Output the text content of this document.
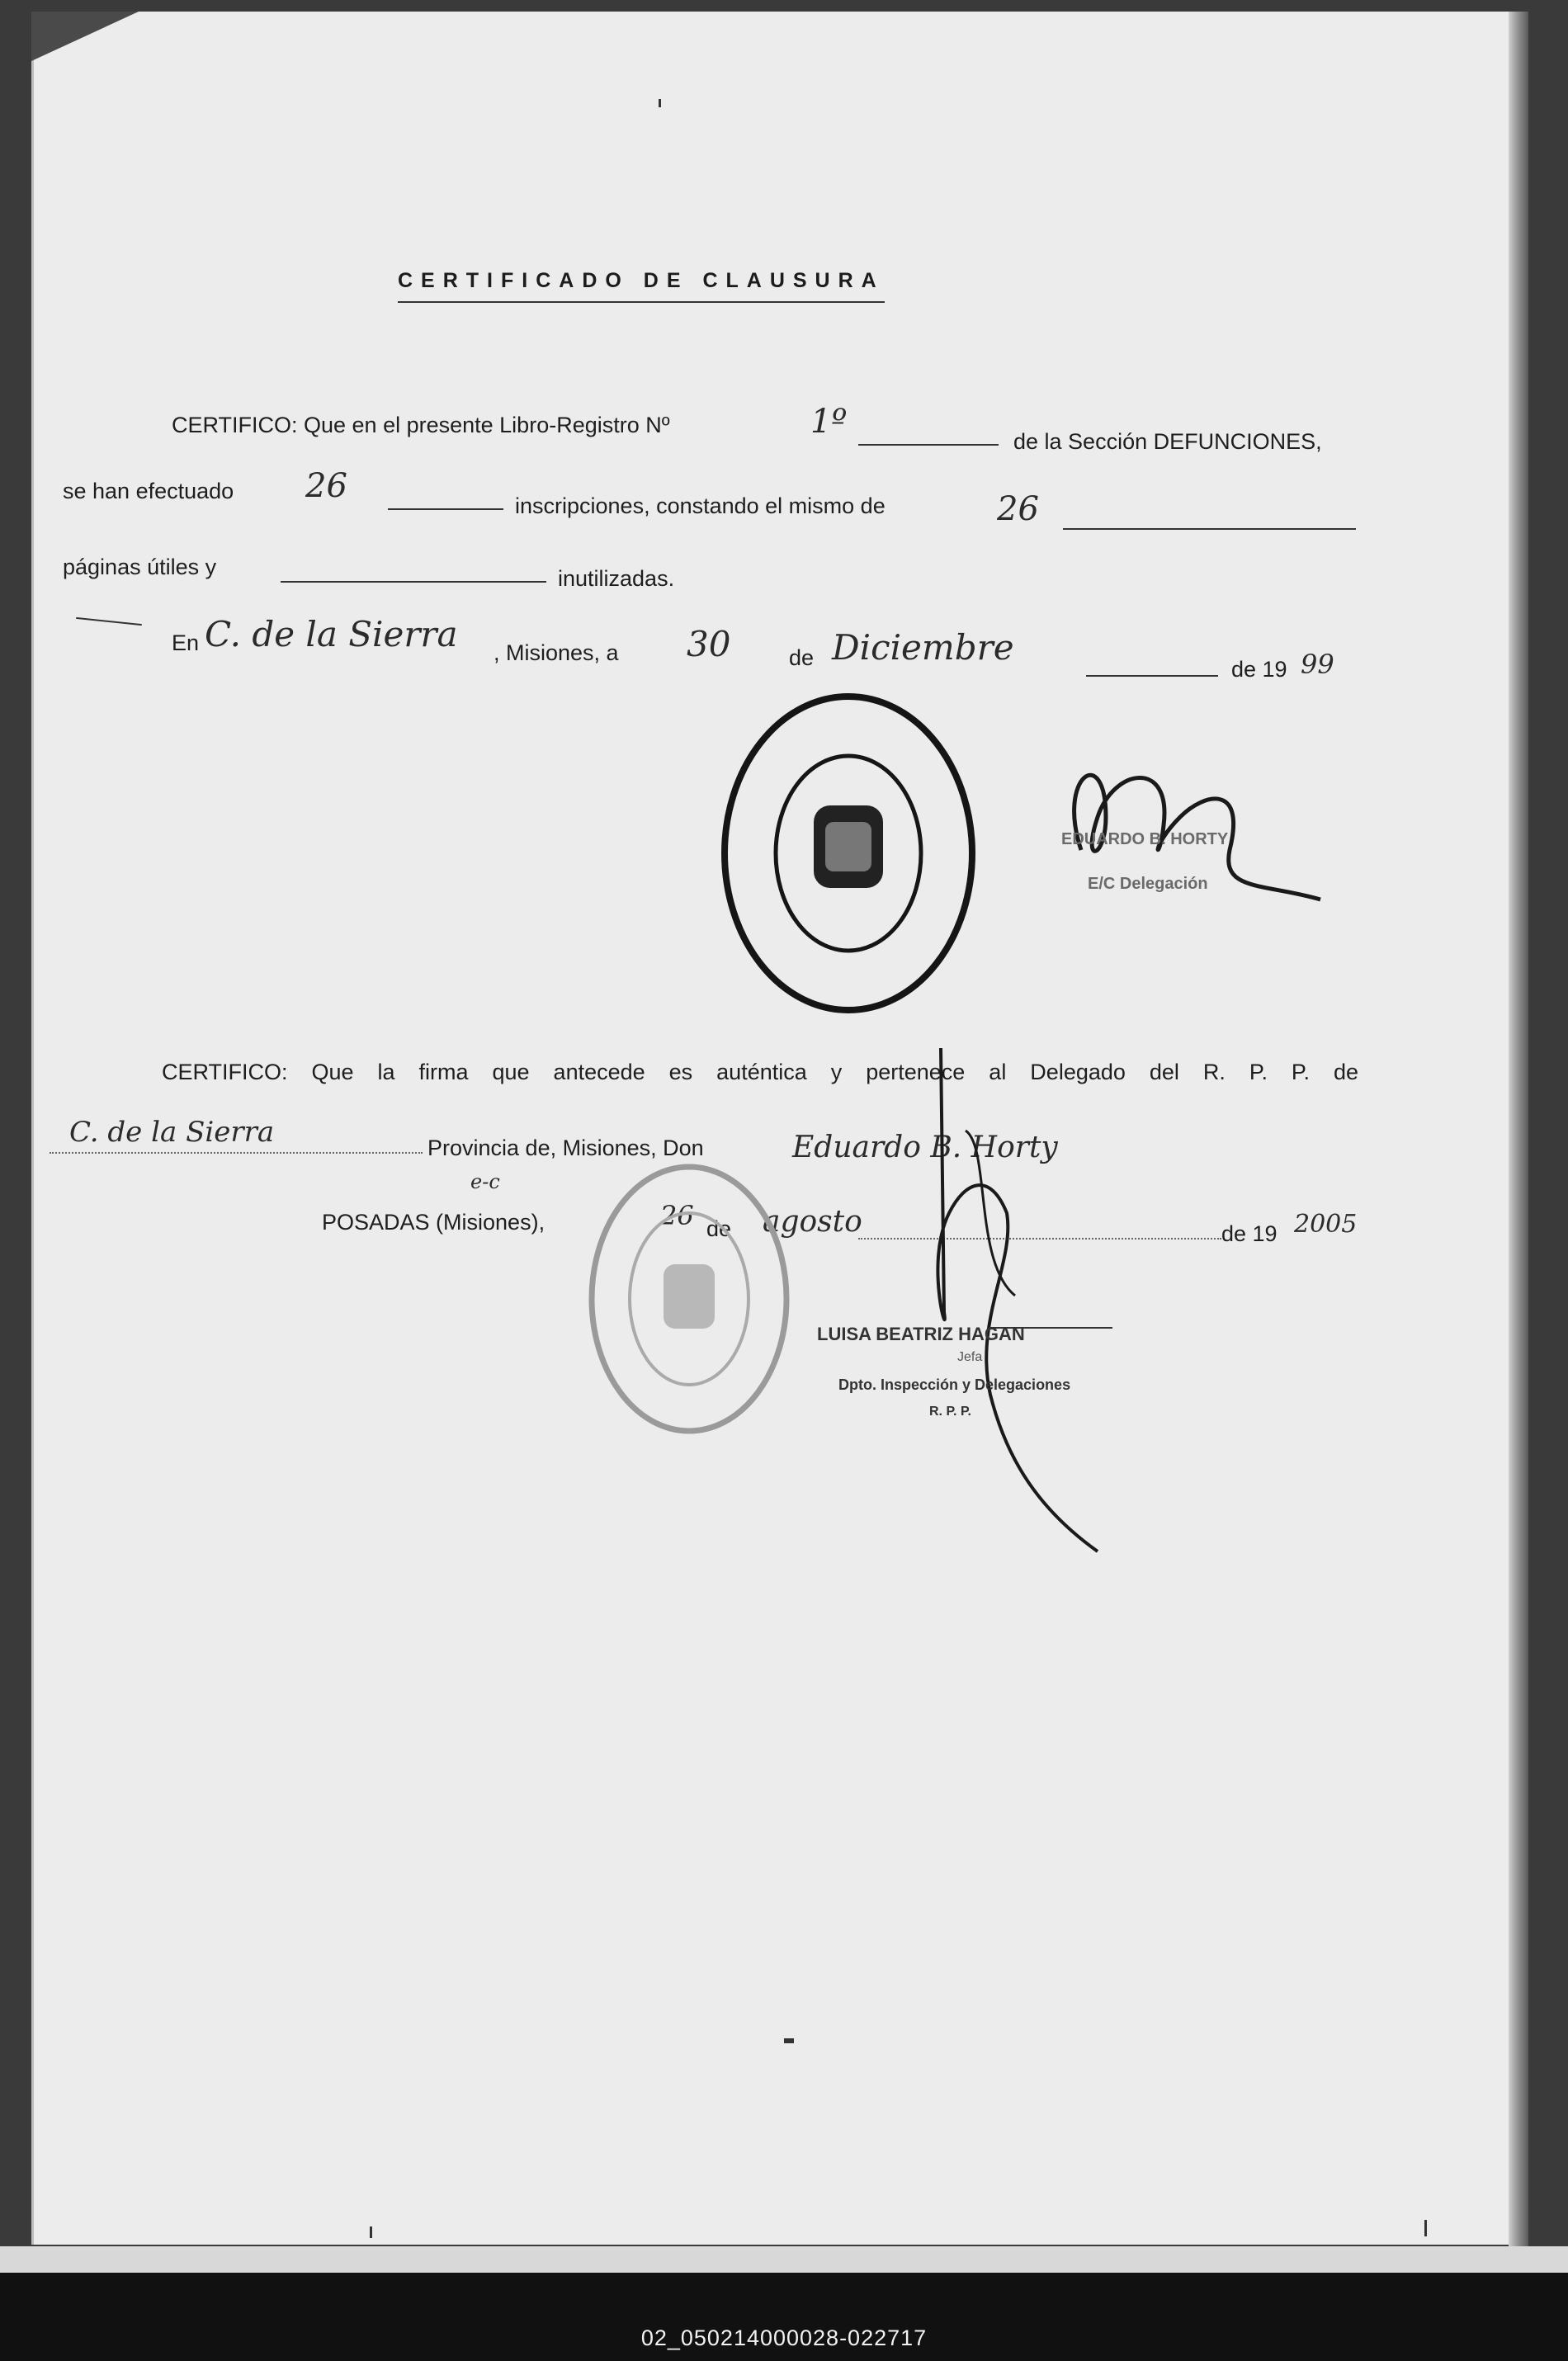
CERTIFICADO DE CLAUSURA
CERTIFICO: Que en el presente Libro-Registro Nº	1º
de la Sección DEFUNCIONES,
se han efectuado 26
inscripciones, constando el mismo de	26
páginas útiles y	inutilizadas.
En C. de la Sierra , Misiones, a 30	de Diciembre
de 19 99
EDUARDO B. HORTY
E/C Delegación
CERTIFICO: Que la firma que antecede es auténtica y pertenece al Delegado del R. P. P. de
C. de la Sierra	Provincia de, Misiones, Don	Eduardo B. Horty
e-c
POSADAS (Misiones),	26 de agosto	de 19 2005
LUISA BEATRIZ HAGAN
Jefa
Dpto. Inspección y Delegaciones
R. P. P.
02_050214000028-022717
